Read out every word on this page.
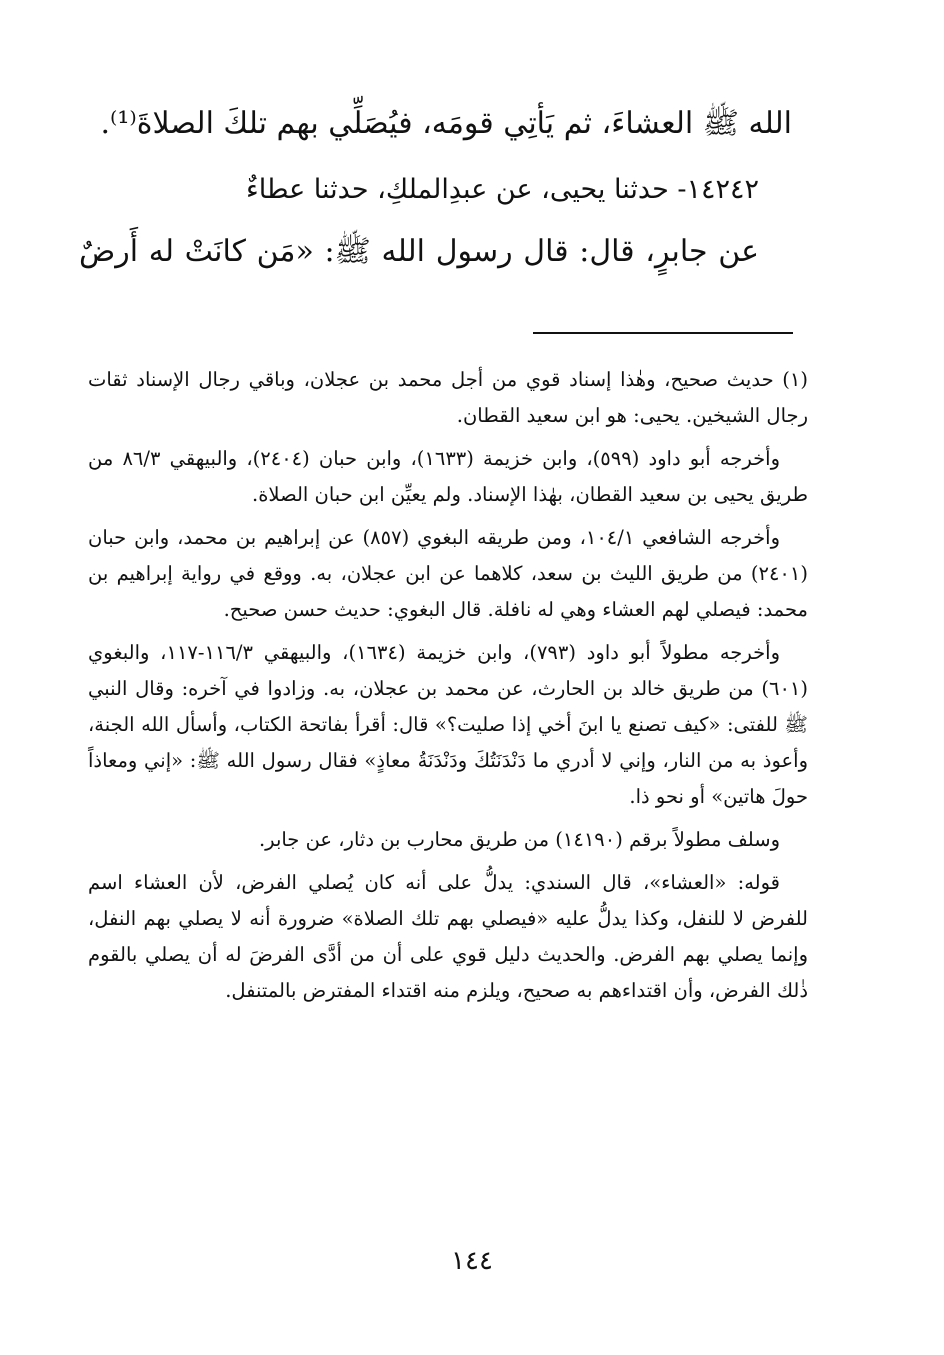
الله ﷺ العشاءَ، ثم يَأتِي قومَه، فيُصَلِّي بهم تلكَ الصلاةَ⁽¹⁾.
١٤٢٤٢- حدثنا يحيى، عن عبدِالملكِ، حدثنا عطاءٌ
عن جابرٍ، قال: قال رسول الله ﷺ: «مَن كانَتْ له أَرضٌ

(١) حديث صحيح، وهٰذا إسناد قوي من أجل محمد بن عجلان، وباقي رجال الإسناد ثقات رجال الشيخين. يحيى: هو ابن سعيد القطان.

وأخرجه أبو داود (٥٩٩)، وابن خزيمة (١٦٣٣)، وابن حبان (٢٤٠٤)، والبيهقي ٨٦/٣ من طريق يحيى بن سعيد القطان، بهٰذا الإسناد. ولم يعيِّن ابن حبان الصلاة.

وأخرجه الشافعي ١٠٤/١، ومن طريقه البغوي (٨٥٧) عن إبراهيم بن محمد، وابن حبان (٢٤٠١) من طريق الليث بن سعد، كلاهما عن ابن عجلان، به. ووقع في رواية إبراهيم بن محمد: فيصلي لهم العشاء وهي له نافلة. قال البغوي: حديث حسن صحيح.

وأخرجه مطولاً أبو داود (٧٩٣)، وابن خزيمة (١٦٣٤)، والبيهقي ١١٦/٣-١١٧، والبغوي (٦٠١) من طريق خالد بن الحارث، عن محمد بن عجلان، به. وزادوا في آخره: وقال النبي ﷺ للفتى: «كيف تصنع يا ابنَ أخي إذا صليت؟» قال: أقرأ بفاتحة الكتاب، وأسأل الله الجنة، وأعوذ به من النار، وإني لا أدري ما دَنْدَنَتُكَ ودَنْدَنَةُ معاذٍ» فقال رسول الله ﷺ: «إني ومعاذاً حولَ هاتين» أو نحو ذا.

وسلف مطولاً برقم (١٤١٩٠) من طريق محارب بن دثار، عن جابر.

قوله: «العشاء»، قال السندي: يدلُّ على أنه كان يُصلي الفرض، لأن العشاء اسم للفرض لا للنفل، وكذا يدلُّ عليه «فيصلي بهم تلك الصلاة» ضرورة أنه لا يصلي بهم النفل، وإنما يصلي بهم الفرض. والحديث دليل قوي على أن من أدَّى الفرضَ له أن يصلي بالقوم ذٰلك الفرض، وأن اقتداءهم به صحيح، ويلزم منه اقتداء المفترض بالمتنفل.

١٤٤
